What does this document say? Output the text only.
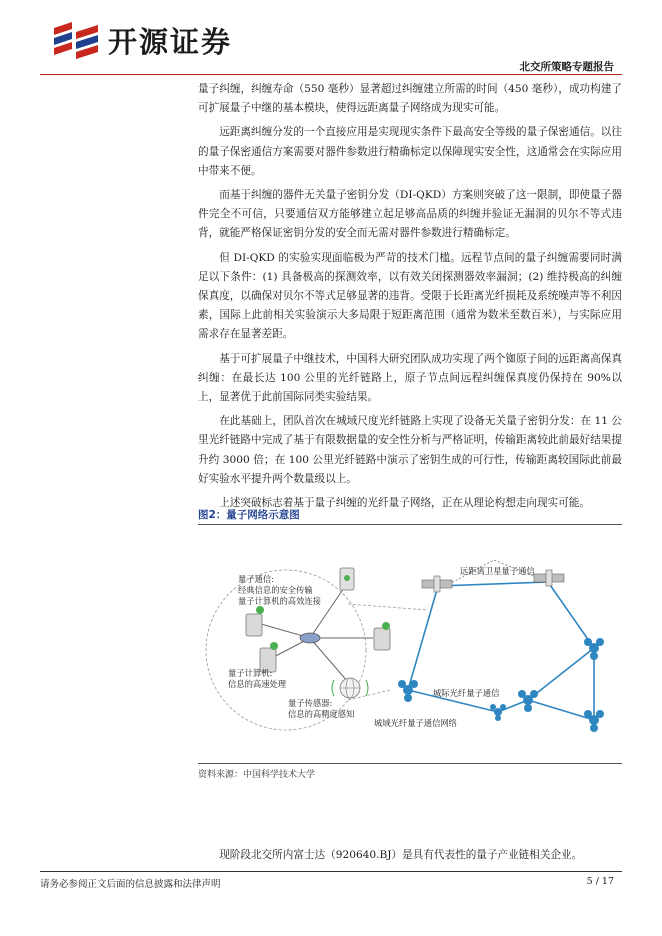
开源证券
北交所策略专题报告

量子纠缠，纠缠寿命（550 毫秒）显著超过纠缠建立所需的时间（450 毫秒），成功构建了可扩展量子中继的基本模块，使得远距离量子网络成为现实可能。

远距离纠缠分发的一个直接应用是实现现实条件下最高安全等级的量子保密通信。以往的量子保密通信方案需要对器件参数进行精确标定以保障现实安全性，这通常会在实际应用中带来不便。

而基于纠缠的器件无关量子密钥分发（DI-QKD）方案则突破了这一限制，即使量子器件完全不可信，只要通信双方能够建立起足够高品质的纠缠并验证无漏洞的贝尔不等式违背，就能严格保证密钥分发的安全而无需对器件参数进行精确标定。

但 DI-QKD 的实验实现面临极为严苛的技术门槛。远程节点间的量子纠缠需要同时满足以下条件：(1) 具备极高的探测效率，以有效关闭探测器效率漏洞；(2) 维持极高的纠缠保真度，以确保对贝尔不等式足够显著的违背。受限于长距离光纤损耗及系统噪声等不利因素，国际上此前相关实验演示大多局限于短距离范围（通常为数米至数百米），与实际应用需求存在显著差距。

基于可扩展量子中继技术，中国科大研究团队成功实现了两个铷原子间的远距离高保真纠缠：在最长达 100 公里的光纤链路上，原子节点间远程纠缠保真度仍保持在 90%以上，显著优于此前国际同类实验结果。

在此基础上，团队首次在城域尺度光纤链路上实现了设备无关量子密钥分发：在 11 公里光纤链路中完成了基于有限数据量的安全性分析与严格证明，传输距离较此前最好结果提升约 3000 倍；在 100 公里光纤链路中演示了密钥生成的可行性，传输距离较国际此前最好实验水平提升两个数量级以上。

上述突破标志着基于量子纠缠的光纤量子网络，正在从理论构想走向现实可能。

图2：量子网络示意图
量子通信:
经典信息的安全传输
量子计算机的高效连接
量子计算机:
信息的高速处理
量子传感器:
信息的高精度感知
远距离卫星量子通信
城际光纤量子通信
城域光纤量子通信网络
资料来源：中国科学技术大学
现阶段北交所内富士达（920640.BJ）是具有代表性的量子产业链相关企业。
请务必参阅正文后面的信息披露和法律声明	5 / 17
